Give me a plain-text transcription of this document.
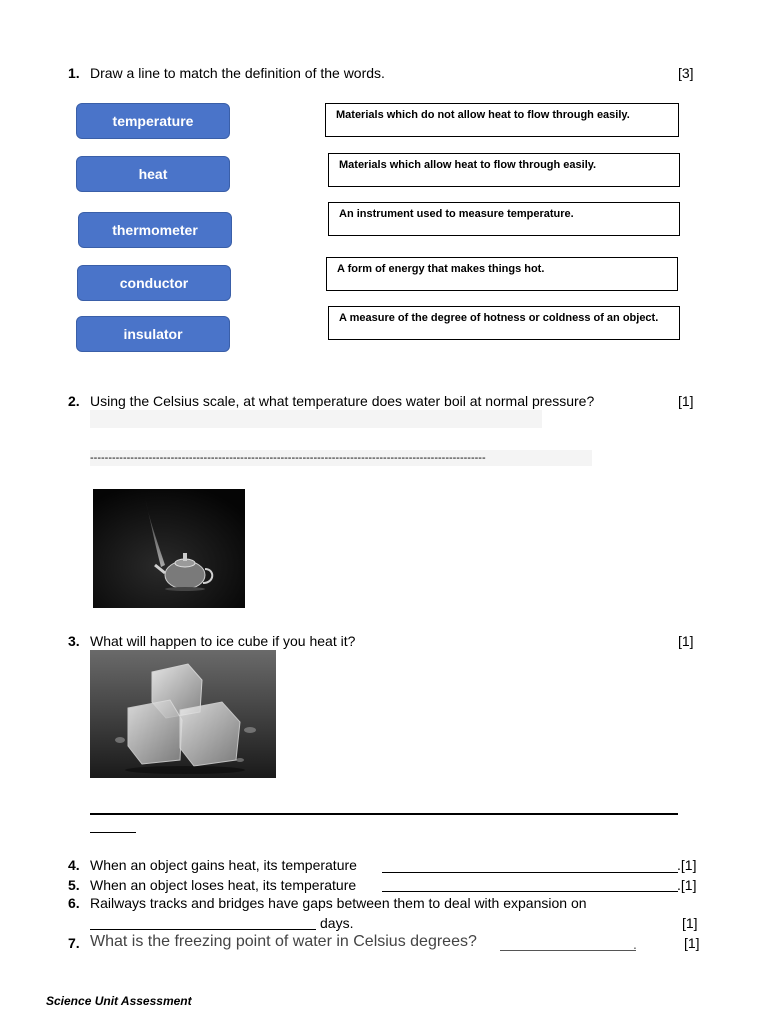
1. Draw a line to match the definition of the words.	[3]
temperature
heat
thermometer
conductor
insulator
Materials which do not allow heat to flow through easily.
Materials which allow heat to flow through easily.
An instrument used to measure temperature.
A form of energy that makes things hot.
A measure of the degree of hotness or coldness of an object.
2. Using the Celsius scale, at what temperature does water boil at normal pressure?	[1]
------------------------------------------------------------------------------------------------------------
3. What will happen to ice cube if you heat it?	[1]
4. When an object gains heat, its temperature	.[1]
5. When an object loses heat, its temperature	.[1]
6. Railways tracks and bridges have gaps between them to deal with expansion on
days.	[1]
7. What is the freezing point of water in Celsius degrees?	.	[1]
Science Unit Assessment
